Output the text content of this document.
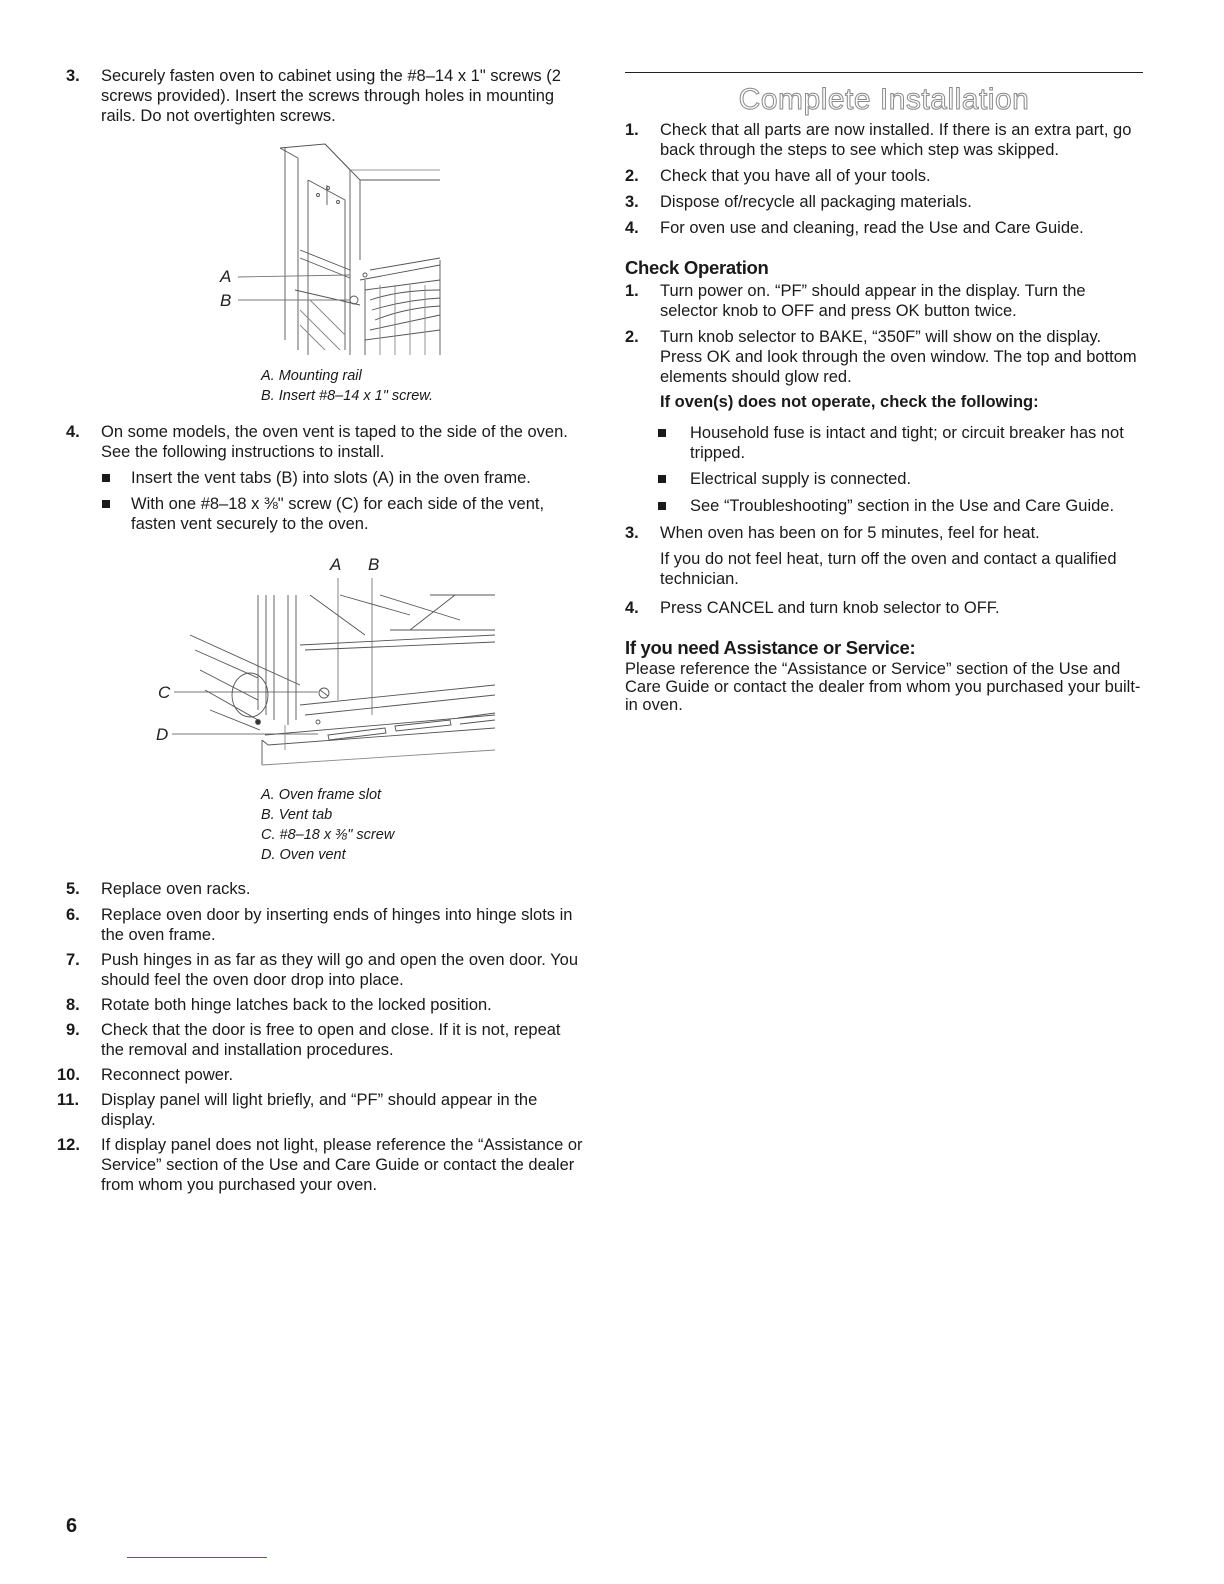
3. Securely fasten oven to cabinet using the #8–14 x 1" screws (2 screws provided). Insert the screws through holes in mounting rails. Do not overtighten screws.

A
B

A. Mounting rail

B. Insert #8–14 x 1" screw.

4. On some models, the oven vent is taped to the side of the oven. See the following instructions to install.

Insert the vent tabs (B) into slots (A) in the oven frame.

With one #8–18 x ⅜" screw (C) for each side of the vent, fasten vent securely to the oven.

A B
C
D

A. Oven frame slot

B. Vent tab

C. #8–18 x ⅜" screw

D. Oven vent

5. Replace oven racks.

6. Replace oven door by inserting ends of hinges into hinge slots in the oven frame.

7. Push hinges in as far as they will go and open the oven door. You should feel the oven door drop into place.

8. Rotate both hinge latches back to the locked position.

9. Check that the door is free to open and close. If it is not, repeat the removal and installation procedures.

10. Reconnect power.

11. Display panel will light briefly, and “PF” should appear in the display.

12. If display panel does not light, please reference the “Assistance or Service” section of the Use and Care Guide or contact the dealer from whom you purchased your oven.

Complete Installation

1. Check that all parts are now installed. If there is an extra part, go back through the steps to see which step was skipped.

2. Check that you have all of your tools.

3. Dispose of/recycle all packaging materials.

4. For oven use and cleaning, read the Use and Care Guide.

Check Operation

1. Turn power on. “PF” should appear in the display. Turn the selector knob to OFF and press OK button twice.

2. Turn knob selector to BAKE, “350F” will show on the display. Press OK and look through the oven window. The top and bottom elements should glow red.

If oven(s) does not operate, check the following:

Household fuse is intact and tight; or circuit breaker has not tripped.

Electrical supply is connected.

See “Troubleshooting” section in the Use and Care Guide.

3. When oven has been on for 5 minutes, feel for heat.

If you do not feel heat, turn off the oven and contact a qualified technician.

4. Press CANCEL and turn knob selector to OFF.

If you need Assistance or Service:

Please reference the “Assistance or Service” section of the Use and Care Guide or contact the dealer from whom you purchased your built-in oven.

6
